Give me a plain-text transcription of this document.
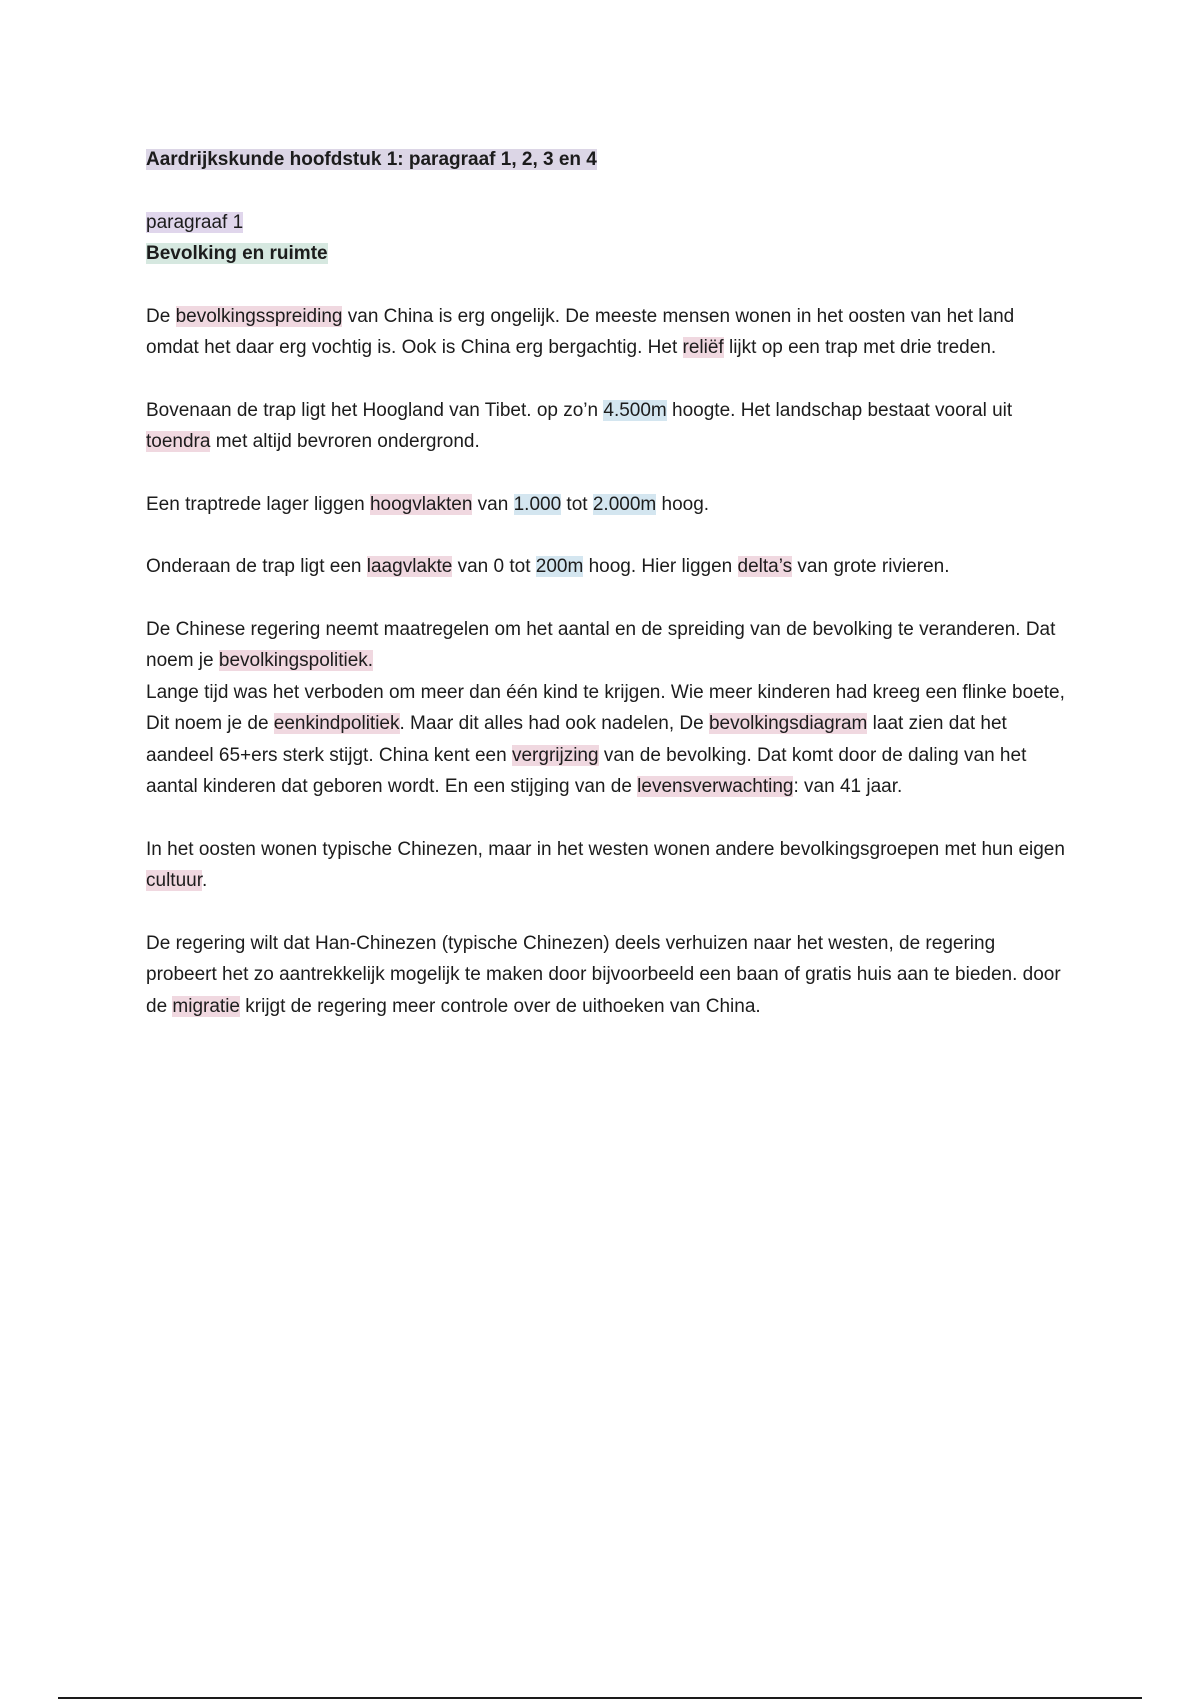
Aardrijkskunde hoofdstuk 1: paragraaf 1, 2, 3 en 4

paragraaf 1

Bevolking en ruimte

De bevolkingsspreiding van China is erg ongelijk. De meeste mensen wonen in het oosten van het land omdat het daar erg vochtig is. Ook is China erg bergachtig. Het reliëf lijkt op een trap met drie treden.

Bovenaan de trap ligt het Hoogland van Tibet. op zo’n 4.500m hoogte. Het landschap bestaat vooral uit toendra met altijd bevroren ondergrond.

Een traptrede lager liggen hoogvlakten van 1.000 tot 2.000m hoog.

Onderaan de trap ligt een laagvlakte van 0 tot 200m hoog. Hier liggen delta’s van grote rivieren.

De Chinese regering neemt maatregelen om het aantal en de spreiding van de bevolking te veranderen. Dat noem je bevolkingspolitiek.

Lange tijd was het verboden om meer dan één kind te krijgen. Wie meer kinderen had kreeg een flinke boete, Dit noem je de eenkindpolitiek. Maar dit alles had ook nadelen, De bevolkingsdiagram laat zien dat het aandeel 65+ers sterk stijgt. China kent een vergrijzing van de bevolking. Dat komt door de daling van het aantal kinderen dat geboren wordt. En een stijging van de levensverwachting: van 41 jaar.

In het oosten wonen typische Chinezen, maar in het westen wonen andere bevolkingsgroepen met hun eigen cultuur.

De regering wilt dat Han-Chinezen (typische Chinezen) deels verhuizen naar het westen, de regering probeert het zo aantrekkelijk mogelijk te maken door bijvoorbeeld een baan of gratis huis aan te bieden. door de migratie krijgt de regering meer controle over de uithoeken van China.
